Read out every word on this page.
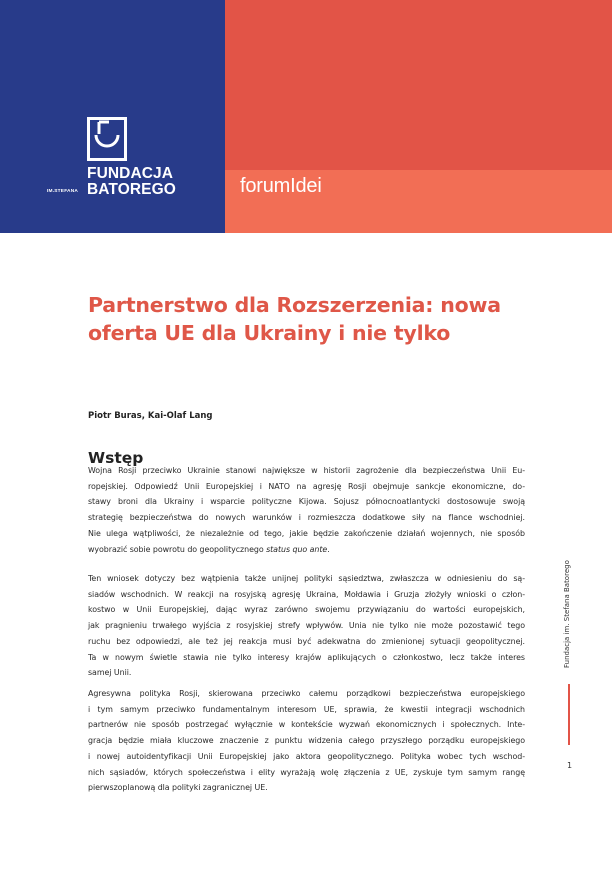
FUNDACJA
BATOREGO
IM.STEFANA	forumIdei
Partnerstwo dla Rozszerzenia: nowa
oferta UE dla Ukrainy i nie tylko
Piotr Buras, Kai-Olaf Lang
Wstęp
Wojna Rosji przeciwko Ukrainie stanowi największe w historii zagrożenie dla bezpieczeństwa Unii Eu-
ropejskiej. Odpowiedź Unii Europejskiej i NATO na agresję Rosji obejmuje sankcje ekonomiczne, do-
stawy broni dla Ukrainy i wsparcie polityczne Kijowa. Sojusz północnoatlantycki dostosowuje swoją
strategię bezpieczeństwa do nowych warunków i rozmieszcza dodatkowe siły na flance wschodniej.
Nie ulega wątpliwości, że niezależnie od tego, jakie będzie zakończenie działań wojennych, nie sposób
wyobrazić sobie powrotu do geopolitycznego status quo ante.
Ten wniosek dotyczy bez wątpienia także unijnej polityki sąsiedztwa, zwłaszcza w odniesieniu do są-
siadów wschodnich. W reakcji na rosyjską agresję Ukraina, Mołdawia i Gruzja złożyły wnioski o człon-
kostwo w Unii Europejskiej, dając wyraz zarówno swojemu przywiązaniu do wartości europejskich,
jak pragnieniu trwałego wyjścia z rosyjskiej strefy wpływów. Unia nie tylko nie może pozostawić tego
ruchu bez odpowiedzi, ale też jej reakcja musi być adekwatna do zmienionej sytuacji geopolitycznej.
Ta w nowym świetle stawia nie tylko interesy krajów aplikujących o członkostwo, lecz także interes
samej Unii.
Agresywna polityka Rosji, skierowana przeciwko całemu porządkowi bezpieczeństwa europejskiego
i tym samym przeciwko fundamentalnym interesom UE, sprawia, że kwestii integracji wschodnich
partnerów nie sposób postrzegać wyłącznie w kontekście wyzwań ekonomicznych i społecznych. Inte-
gracja będzie miała kluczowe znaczenie z punktu widzenia całego przyszłego porządku europejskiego
i nowej autoidentyfikacji Unii Europejskiej jako aktora geopolitycznego. Polityka wobec tych wschod-
nich sąsiadów, których społeczeństwa i elity wyrażają wolę złączenia z UE, zyskuje tym samym rangę
pierwszoplanową dla polityki zagranicznej UE.
Fundacja im. Stefana Batorego
1
